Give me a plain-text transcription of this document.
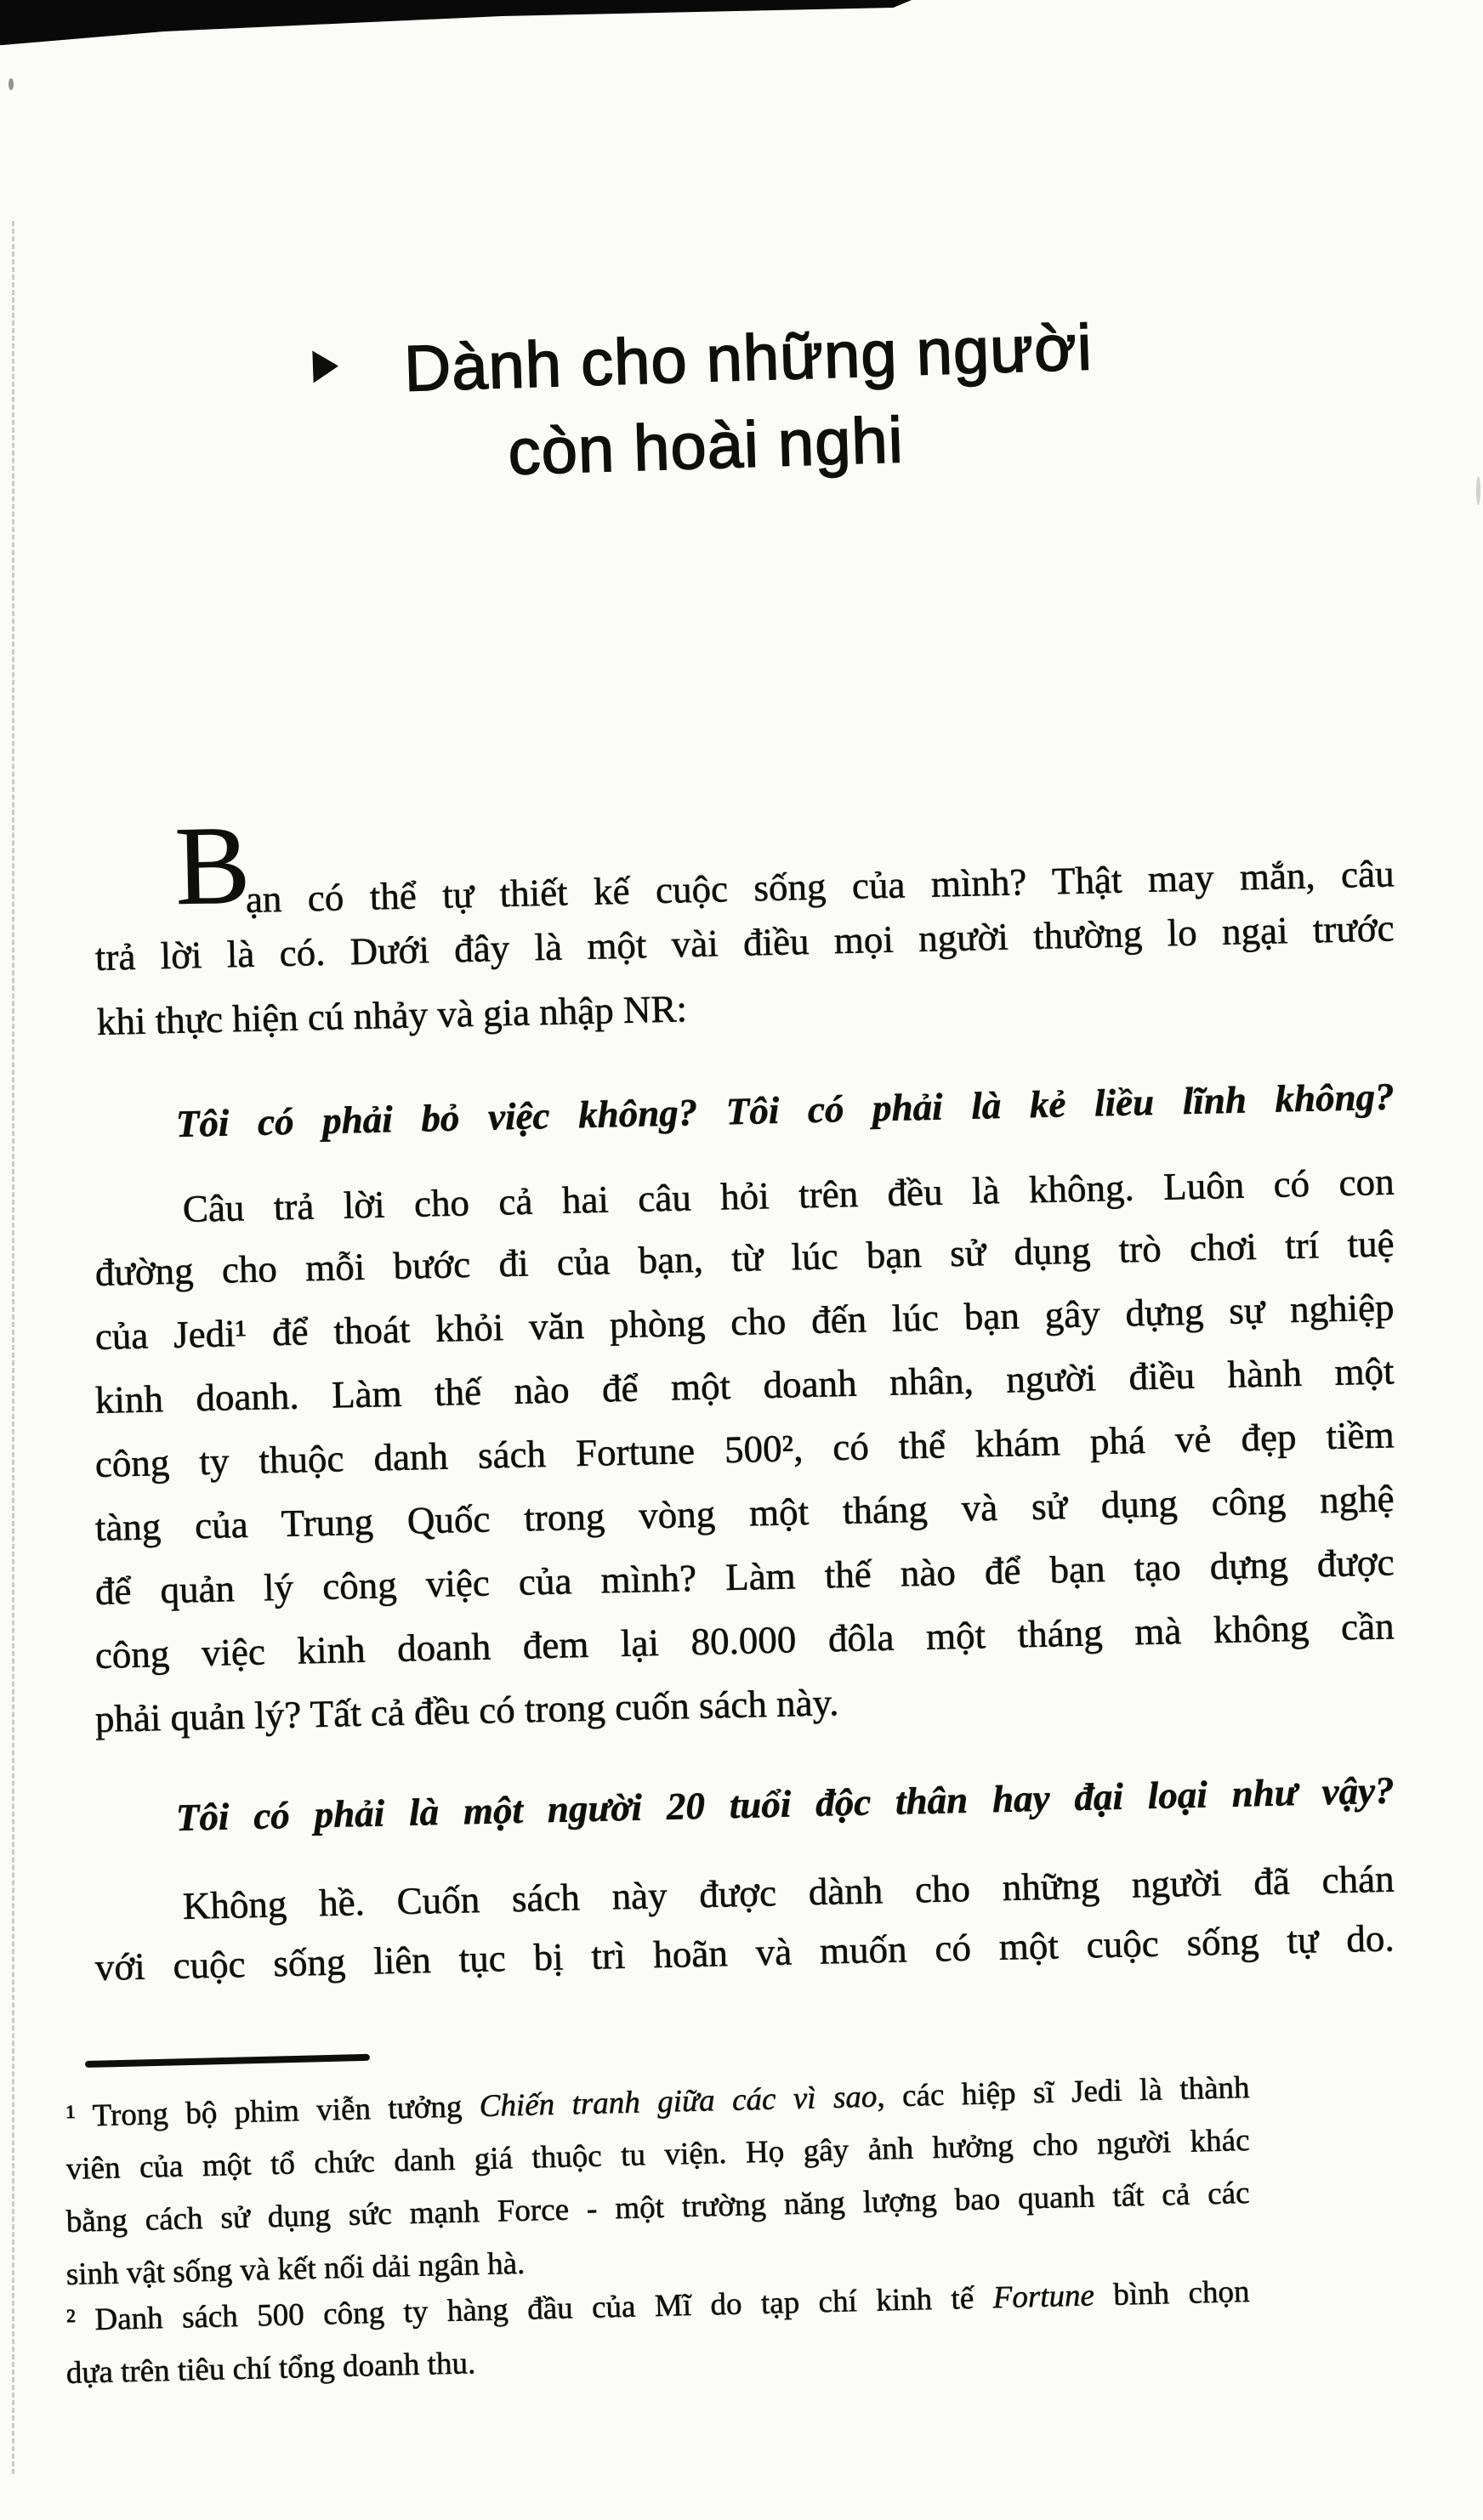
Dành cho những người
còn hoài nghi
B
ạn có thể tự thiết kế cuộc sống của mình? Thật may mắn, câu
trả lời là có. Dưới đây là một vài điều mọi người thường lo ngại trước
khi thực hiện cú nhảy và gia nhập NR:
Tôi có phải bỏ việc không? Tôi có phải là kẻ liều lĩnh không?
Câu trả lời cho cả hai câu hỏi trên đều là không. Luôn có con
đường cho mỗi bước đi của bạn, từ lúc bạn sử dụng trò chơi trí tuệ
của Jedi¹ để thoát khỏi văn phòng cho đến lúc bạn gây dựng sự nghiệp
kinh doanh. Làm thế nào để một doanh nhân, người điều hành một
công ty thuộc danh sách Fortune 500², có thể khám phá vẻ đẹp tiềm
tàng của Trung Quốc trong vòng một tháng và sử dụng công nghệ
để quản lý công việc của mình? Làm thế nào để bạn tạo dựng được
công việc kinh doanh đem lại 80.000 đôla một tháng mà không cần
phải quản lý? Tất cả đều có trong cuốn sách này.
Tôi có phải là một người 20 tuổi độc thân hay đại loại như vậy?
Không hề. Cuốn sách này được dành cho những người đã chán
với cuộc sống liên tục bị trì hoãn và muốn có một cuộc sống tự do.
¹ Trong bộ phim viễn tưởng Chiến tranh giữa các vì sao, các hiệp sĩ Jedi là thành
viên của một tổ chức danh giá thuộc tu viện. Họ gây ảnh hưởng cho người khác
bằng cách sử dụng sức mạnh Force - một trường năng lượng bao quanh tất cả các
sinh vật sống và kết nối dải ngân hà.
² Danh sách 500 công ty hàng đầu của Mĩ do tạp chí kinh tế Fortune bình chọn
dựa trên tiêu chí tổng doanh thu.
